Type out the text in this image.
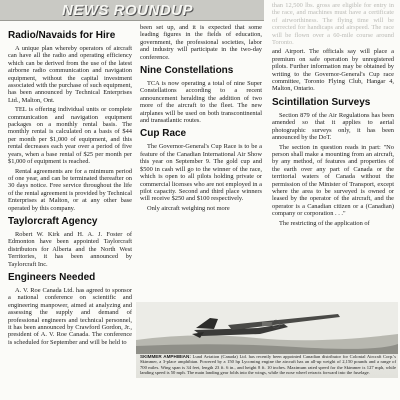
NEWS ROUNDUP
Radio/Navaids for Hire

A unique plan whereby operators of aircraft can have all the radio and operating efficiency which can be derived from the use of the latest airborne radio communication and navigation equipment, without the capital investment associated with the purchase of such equipment, has been announced by Technical Enterprises Ltd., Malton, Ont.

TEL is offering individual units or complete communication and navigation equipment packages on a monthly rental basis. The monthly rental is calculated on a basis of $44 per month per $1,000 of equipment, and this rental decreases each year over a period of five years, when a base rental of $25 per month per $1,000 of equipment is reached.

Rental agreements are for a minimum period of one year, and can be terminated thereafter on 30 days notice. Free service throughout the life of the rental agreement is provided by Technical Enterprises at Malton, or at any other base operated by this company.

Taylorcraft Agency

Robert W. Kirk and H. A. J. Foster of Edmonton have been appointed Taylorcraft distributors for Alberta and the North West Territories, it has been announced by Taylorcraft Inc.

Engineers Needed

A. V. Roe Canada Ltd. has agreed to sponsor a national conference on scientific and engineering manpower, aimed at analyzing and assessing the supply and demand of professional engineers and technical personnel, it has been announced by Crawford Gordon, Jr., president of A. V. Roe Canada. The conference is scheduled for September and will be held to

been set up, and it is expected that some leading figures in the fields of education, government, the professional societies, labor and industry will participate in the two-day conference.

Nine Constellations

TCA is now operating a total of nine Super Constellations according to a recent announcement heralding the addition of two more of the aircraft to the fleet. The new airplanes will be used on both transcontinental and transatlantic routes.

Cup Race

The Governor-General's Cup Race is to be a feature of the Canadian International Air Show this year on September 9. The gold cup and $500 in cash will go to the winner of the race, which is open to all pilots holding private or commercial licenses who are not employed in a pilot capacity. Second and third place winners will receive $250 and $100 respectively.

Only aircraft weighing not more

than 12,500 lbs. gross are eligible for entry in the race, and machines must have a certificate of airworthiness. The flying time will be corrected for handicaps and airspeed. The race will be flown over a 60-mile course around Toronto.

and Airport. The officials say will place a premium on safe operation by unregistered pilots. Further information may be obtained by writing to the Governor-General's Cup race committee, Toronto Flying Club, Hangar 4, Malton, Ontario.

Scintillation Surveys

Section 879 of the Air Regulations has been amended so that it applies to aerial photographic surveys only, it has been announced by the DoT.

The section in question reads in part: "No person shall make a mounting from an aircraft, by any method, of features and properties of the earth over any part of Canada or the territorial waters of Canada without the permission of the Minister of Transport, except where the area to be surveyed is owned or leased by the operator of the aircraft, and the operator is a Canadian citizen or a (Canadian) company or corporation . . ."

The restricting of the application of

SKIMMER AMPHIBIAN: Lund Aviation (Canada) Ltd. has recently been appointed Canadian distributor for Colonial Aircraft Corp.'s Skimmer, a 3-place amphibian. Powered by a 150 hp Lycoming engine the aircraft has an all-up weight of 2,150 pounds and a range of 700 miles. Wing span is 34 feet, length 23 ft. 6 in., and height 8 ft. 10 inches. Maximum rated speed for the Skimmer is 127 mph, while landing speed is 50 mph. The main landing gear folds into the wings, while the nose wheel retracts forward into the fuselage.
